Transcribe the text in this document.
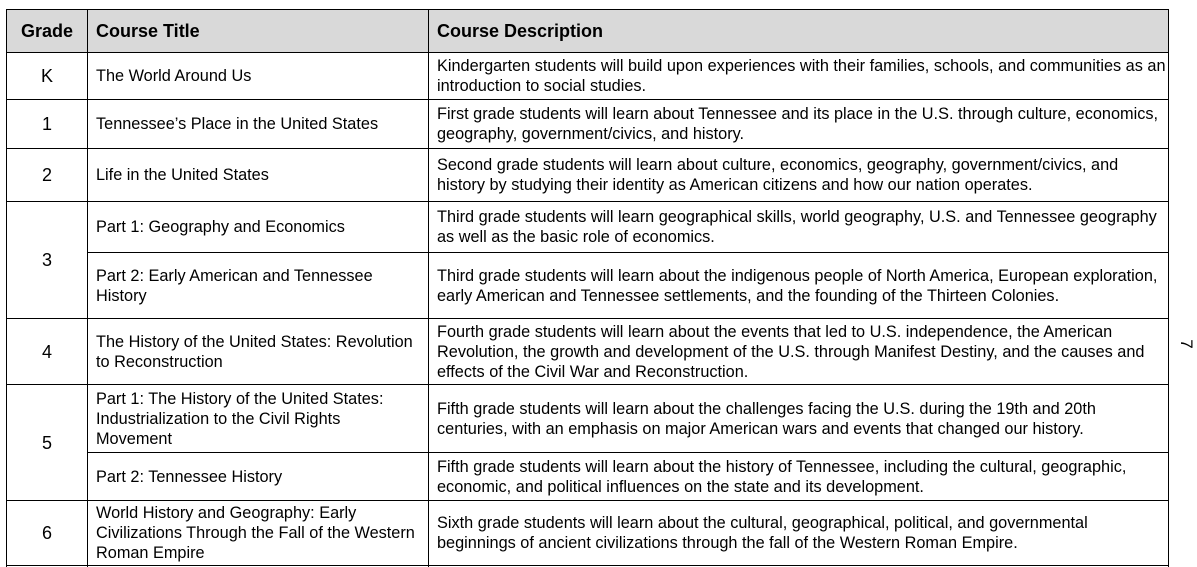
Grade	Course Title	Course Description
K	The World Around Us	Kindergarten students will build upon experiences with their families, schools, and communities as an introduction to social studies.
1	Tennessee’s Place in the United States	First grade students will learn about Tennessee and its place in the U.S. through culture, economics, geography, government/civics, and history.
2	Life in the United States	Second grade students will learn about culture, economics, geography, government/civics, and history by studying their identity as American citizens and how our nation operates.
3	Part 1: Geography and Economics	Third grade students will learn geographical skills, world geography, U.S. and Tennessee geography as well as the basic role of economics.
	Part 2: Early American and Tennessee History	Third grade students will learn about the indigenous people of North America, European exploration, early American and Tennessee settlements, and the founding of the Thirteen Colonies.
4	The History of the United States: Revolution to Reconstruction	Fourth grade students will learn about the events that led to U.S. independence, the American Revolution, the growth and development of the U.S. through Manifest Destiny, and the causes and effects of the Civil War and Reconstruction.
5	Part 1: The History of the United States: Industrialization to the Civil Rights Movement	Fifth grade students will learn about the challenges facing the U.S. during the 19th and 20th centuries, with an emphasis on major American wars and events that changed our history.
	Part 2: Tennessee History	Fifth grade students will learn about the history of Tennessee, including the cultural, geographic, economic, and political influences on the state and its development.
6	World History and Geography: Early Civilizations Through the Fall of the Western Roman Empire	Sixth grade students will learn about the cultural, geographical, political, and governmental beginnings of ancient civilizations through the fall of the Western Roman Empire.

7
